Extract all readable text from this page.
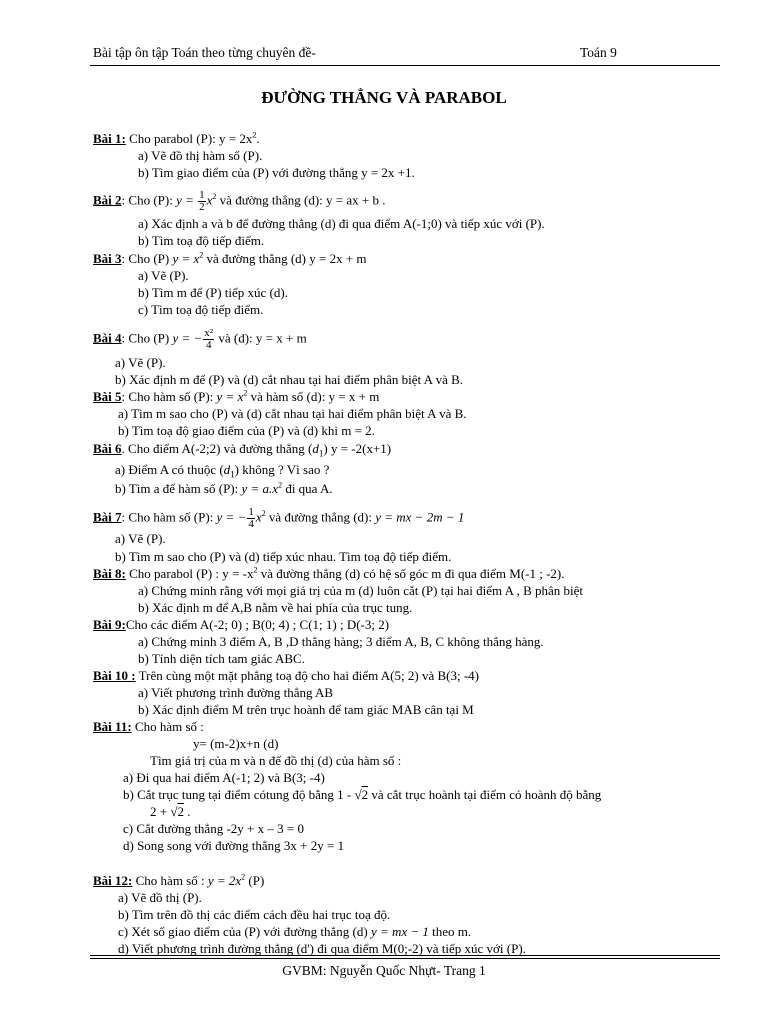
Bài tập ôn tập Toán theo từng chuyên đề-	Toán 9
ĐƯỜNG THẲNG VÀ PARABOL
Bài 1: Cho parabol (P): $y = 2x^2$.
a) Vẽ đồ thị hàm số (P).
b) Tìm giao điểm của (P) với đường thẳng y = 2x +1.
Bài 2: Cho (P): $y = \frac{1}{2} x^2$ và đường thẳng (d): y = ax + b .
a) Xác định a và b để đường thẳng (d) đi qua điểm A(-1;0) và tiếp xúc với (P).
b) Tìm toạ độ tiếp điểm.
Bài 3: Cho (P) $y = x^2$ và đường thẳng (d) y = 2x + m
a) Vẽ (P).
b) Tìm m để (P) tiếp xúc (d).
c) Tìm toạ độ tiếp điểm.
Bài 4: Cho (P) y = − $\frac{\text{x²}}{4}$ và (d): y = x + m
a) Vẽ (P).
b) Xác định m để (P) và (d) cắt nhau tại hai điểm phân biệt A và B.
Bài 5: Cho hàm số (P): $y = x^2$ và hàm số (d): y = x + m
a) Tìm m sao cho (P) và (d) cắt nhau tại hai điểm phân biệt A và B.
b) Tìm toạ độ giao điểm của (P) và (d) khi m = 2.
Bài 6. Cho điểm A(-2;2) và đường thẳng $(d_1) y = -2(x+1)$
a) Điểm A có thuộc $(d_1)$ không ? Vì sao ?
b) Tìm a để hàm số (P): $y = a.x^2$ đi qua A.
Bài 7: Cho hàm số (P): y = − $\frac{1}{4} x^2$ và đường thẳng (d): y = mx − 2m − 1
a) Vẽ (P).
b) Tìm m sao cho (P) và (d) tiếp xúc nhau. Tìm toạ độ tiếp điểm.
Bài 8: Cho parabol (P) : $y = -x^2$ và đường thẳng (d) có hệ số góc m đi qua điểm M(-1 ; -2).
a) Chứng minh rằng với mọi giá trị của m (d) luôn cắt (P) tại hai điểm A , B phân biệt
b) Xác định m để A,B nằm về hai phía của trục tung.
Bài 9:Cho các điểm A(-2; 0) ; B(0; 4) ; C(1; 1) ; D(-3; 2)
a) Chứng minh 3 điểm A, B ,D thẳng hàng; 3 điểm A, B, C không thẳng hàng.
b) Tính diện tích tam giác ABC.
Bài 10 : Trên cùng một mặt phẳng toạ độ cho hai điểm A(5; 2) và B(3; -4)
a) Viết phương trình đường thẳng AB
b) Xác định điểm M trên trục hoành để tam giác MAB cân tại M
Bài 11: Cho hàm số :
y= (m-2)x+n (d)
Tìm giá trị của m và n để đồ thị (d) của hàm số :
a) Đi qua hai điểm A(-1; 2) và B(3; -4)
b) Cắt trục tung tại điểm cótung độ bằng 1 - √2 và cắt trục hoành tại điểm có hoành độ bằng
2 + √2 .
c) Cắt đường thẳng -2y + x – 3 = 0
d) Song song với đường thẳng 3x + 2y = 1
Bài 12: Cho hàm số : $y = 2x^2$ (P)
a) Vẽ đồ thị (P).
b) Tìm trên đồ thị các điểm cách đều hai trục toạ độ.
c) Xét số giao điểm của (P) với đường thẳng (d) y = mx − 1 theo m.
d) Viết phương trình đường thẳng (d') đi qua điểm M(0;-2) và tiếp xúc với (P).
GVBM: Nguyễn Quốc Nhựt- Trang 1
